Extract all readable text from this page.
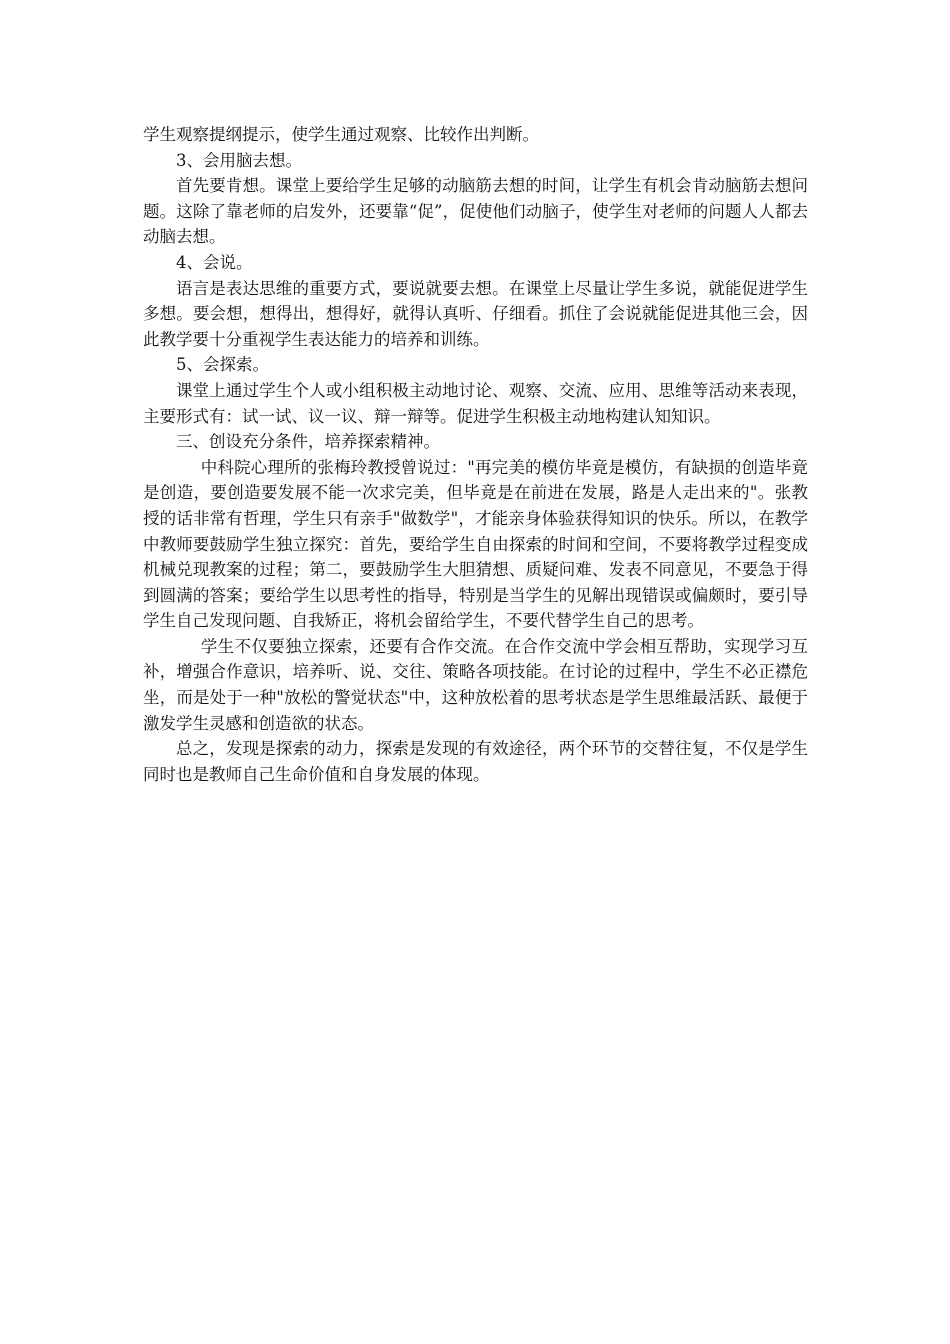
学生观察提纲提示，使学生通过观察、比较作出判断。

3、会用脑去想。

首先要肯想。课堂上要给学生足够的动脑筋去想的时间，让学生有机会肯动脑筋去想问题。这除了靠老师的启发外，还要靠“促”，促使他们动脑子，使学生对老师的问题人人都去动脑去想。

4、会说。

语言是表达思维的重要方式，要说就要去想。在课堂上尽量让学生多说，就能促进学生多想。要会想，想得出，想得好，就得认真听、仔细看。抓住了会说就能促进其他三会，因此教学要十分重视学生表达能力的培养和训练。

5、会探索。

课堂上通过学生个人或小组积极主动地讨论、观察、交流、应用、思维等活动来表现，主要形式有：试一试、议一议、辩一辩等。促进学生积极主动地构建认知知识。

三、创设充分条件，培养探索精神。

中科院心理所的张梅玲教授曾说过："再完美的模仿毕竟是模仿，有缺损的创造毕竟是创造，要创造要发展不能一次求完美，但毕竟是在前进在发展，路是人走出来的"。张教授的话非常有哲理，学生只有亲手"做数学"，才能亲身体验获得知识的快乐。所以，在教学中教师要鼓励学生独立探究：首先，要给学生自由探索的时间和空间，不要将教学过程变成机械兑现教案的过程；第二，要鼓励学生大胆猜想、质疑问难、发表不同意见，不要急于得到圆满的答案；要给学生以思考性的指导，特别是当学生的见解出现错误或偏颇时，要引导学生自己发现问题、自我矫正，将机会留给学生，不要代替学生自己的思考。

学生不仅要独立探索，还要有合作交流。在合作交流中学会相互帮助，实现学习互补，增强合作意识，培养听、说、交往、策略各项技能。在讨论的过程中，学生不必正襟危坐，而是处于一种"放松的警觉状态"中，这种放松着的思考状态是学生思维最活跃、最便于激发学生灵感和创造欲的状态。

总之，发现是探索的动力，探索是发现的有效途径，两个环节的交替往复，不仅是学生同时也是教师自己生命价值和自身发展的体现。
